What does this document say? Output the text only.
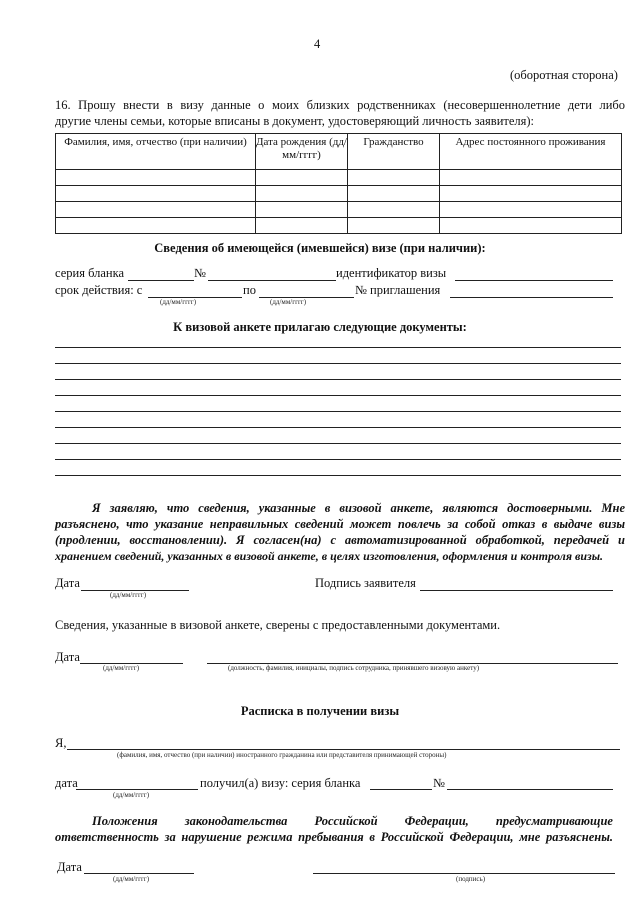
4
(оборотная сторона)
16. Прошу внести в визу данные о моих близких родственниках (несовершеннолетние дети либо
другие члены семьи, которые вписаны в документ, удостоверяющий личность заявителя):
Фамилия, имя, отчество (при наличии)	Дата рождения (дд/мм/гггг)	Гражданство	Адрес постоянного проживания

Сведения об имеющейся (имевшейся) визе (при наличии):
серия бланка	№	идентификатор визы
срок действия: с	по	№ приглашения
(дд/мм/гггг)	(дд/мм/гггг)
К визовой анкете прилагаю следующие документы:
Я заявляю, что сведения, указанные в визовой анкете, являются достоверными. Мне
разъяснено, что указание неправильных сведений может повлечь за собой отказ в выдаче визы
(продлении, восстановлении). Я согласен(на) с автоматизированной обработкой, передачей и
хранением сведений, указанных в визовой анкете, в целях изготовления, оформления и контроля визы.
Дата
(дд/мм/гггг)
Подпись заявителя
Сведения, указанные в визовой анкете, сверены с предоставленными документами.
Дата
(дд/мм/гггг)	(должность, фамилия, инициалы, подпись сотрудника, принявшего визовую анкету)
Расписка в получении визы
Я,
(фамилия, имя, отчество (при наличии) иностранного гражданина или представителя принимающей стороны)
дата
(дд/мм/гггг)
получил(а) визу: серия бланка	№
Положения законодательства Российской Федерации, предусматривающие
ответственность за нарушение режима пребывания в Российской Федерации, мне разъяснены.
Дата
(дд/мм/гггг)	(подпись)
